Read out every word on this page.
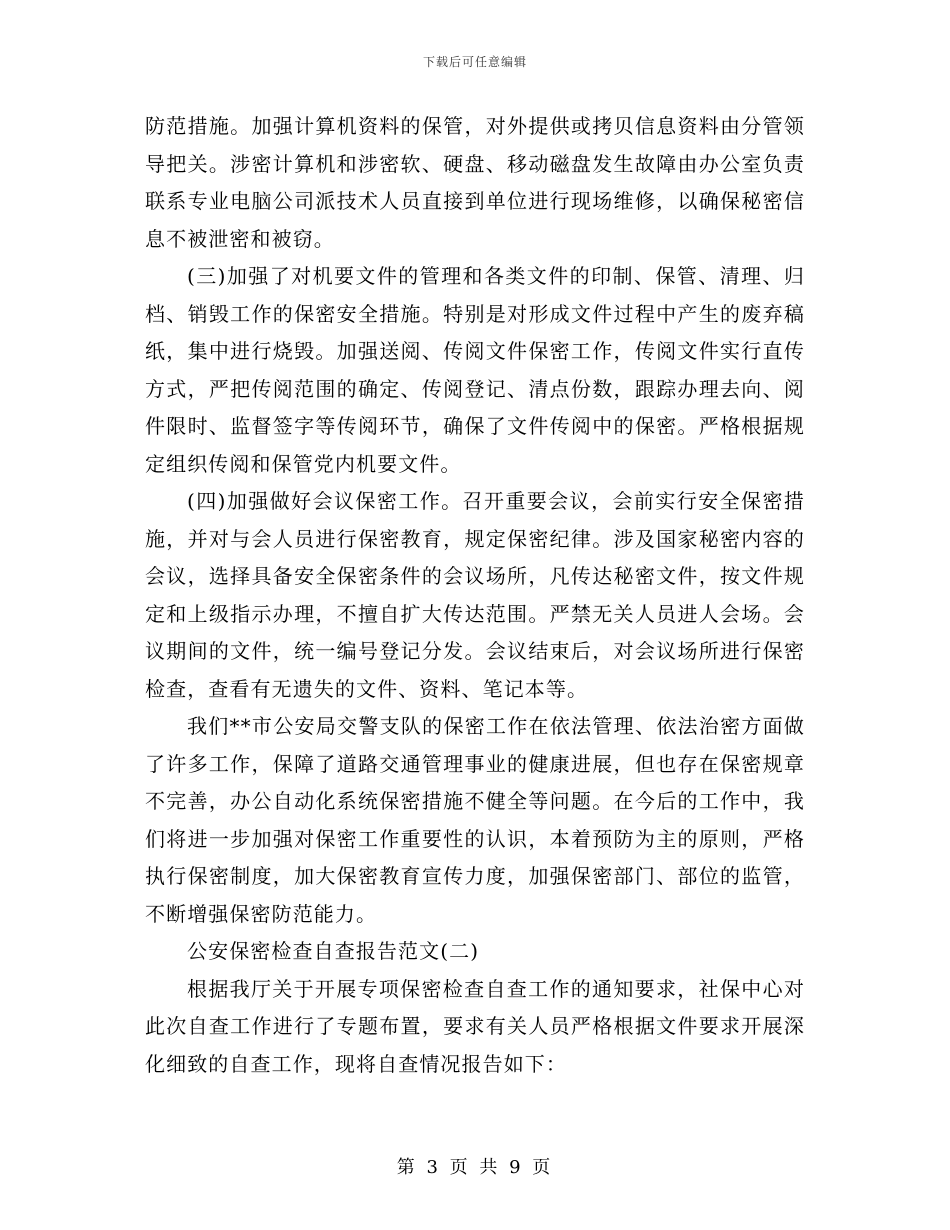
下载后可任意编辑

防范措施。加强计算机资料的保管，对外提供或拷贝信息资料由分管领导把关。涉密计算机和涉密软、硬盘、移动磁盘发生故障由办公室负责联系专业电脑公司派技术人员直接到单位进行现场维修，以确保秘密信息不被泄密和被窃。

(三)加强了对机要文件的管理和各类文件的印制、保管、清理、归档、销毁工作的保密安全措施。特别是对形成文件过程中产生的废弃稿纸，集中进行烧毁。加强送阅、传阅文件保密工作，传阅文件实行直传方式，严把传阅范围的确定、传阅登记、清点份数，跟踪办理去向、阅件限时、监督签字等传阅环节，确保了文件传阅中的保密。严格根据规定组织传阅和保管党内机要文件。

(四)加强做好会议保密工作。召开重要会议，会前实行安全保密措施，并对与会人员进行保密教育，规定保密纪律。涉及国家秘密内容的会议，选择具备安全保密条件的会议场所，凡传达秘密文件，按文件规定和上级指示办理，不擅自扩大传达范围。严禁无关人员进人会场。会议期间的文件，统一编号登记分发。会议结束后，对会议场所进行保密检查，查看有无遗失的文件、资料、笔记本等。

我们**市公安局交警支队的保密工作在依法管理、依法治密方面做了许多工作，保障了道路交通管理事业的健康进展，但也存在保密规章不完善，办公自动化系统保密措施不健全等问题。在今后的工作中，我们将进一步加强对保密工作重要性的认识，本着预防为主的原则，严格执行保密制度，加大保密教育宣传力度，加强保密部门、部位的监管，不断增强保密防范能力。

公安保密检查自查报告范文(二)

根据我厅关于开展专项保密检查自查工作的通知要求，社保中心对此次自查工作进行了专题布置，要求有关人员严格根据文件要求开展深化细致的自查工作，现将自查情况报告如下：

第 3 页 共 9 页
